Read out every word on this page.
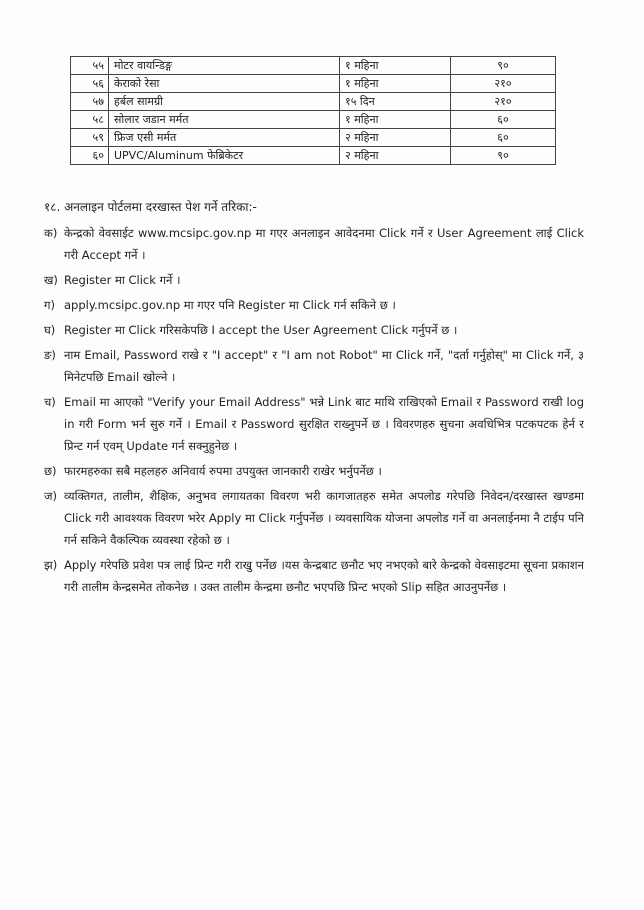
५५	मोटर वायन्डिङ्ग	१ महिना	९०
५६	केराको रेसा	१ महिना	२१०
५७	हर्बल सामग्री	१५ दिन	२१०
५८	सोलार जडान मर्मत	१ महिना	६०
५९	फ्रिज एसी मर्मत	२ महिना	६०
६०	UPVC/Aluminum फेब्रिकेटर	२ महिना	९०
१८. अनलाइन पोर्टलमा दरखास्त पेश गर्ने तरिका:-
क) केन्द्रको वेवसाईट www.mcsipc.gov.np मा गएर अनलाइन आवेदनमा Click गर्ने र User Agreement लाई Click गरी Accept गर्ने ।
ख) Register मा Click गर्ने ।
ग) apply.mcsipc.gov.np मा गएर पनि Register मा Click गर्न सकिने छ ।
घ) Register मा Click गरिसकेपछि I accept the User Agreement Click गर्नुपर्ने छ ।
ङ) नाम Email, Password राखे र "I accept" र "I am not Robot" मा Click गर्ने, "दर्ता गर्नुहोस्" मा Click गर्ने, ३ मिनेटपछि Email खोल्ने ।
च) Email मा आएको "Verify your Email Address" भन्ने Link बाट माथि राखिएको Email र Password राखी log in गरी Form भर्न सुरु गर्ने । Email र Password सुरक्षित राख्नुपर्ने छ । विवरणहरु सुचना अवधिभित्र पटकपटक हेर्न र प्रिन्ट गर्न एवम् Update गर्न सक्नुहुनेछ ।
छ) फारमहरुका सबै महलहरु अनिवार्य रुपमा उपयुक्त जानकारी राखेर भर्नुपर्नेछ ।
ज) व्यक्तिगत, तालीम, शैक्षिक, अनुभव लगायतका विवरण भरी कागजातहरु समेत अपलोड गरेपछि निवेदन/दरखास्त खण्डमा Click गरी आवश्यक विवरण भरेर Apply मा Click गर्नुपर्नेछ । व्यवसायिक योजना अपलोड गर्ने वा अनलाईनमा नै टाईप पनि गर्न सकिने वैकल्पिक व्यवस्था रहेको छ ।
झ) Apply गरेपछि प्रवेश पत्र लाई प्रिन्ट गरी राखु पर्नेछ ।यस केन्द्रबाट छनौट भए नभएको बारे केन्द्रको वेवसाइटमा सूचना प्रकाशन गरी तालीम केन्द्रसमेत तोकनेछ । उक्त तालीम केन्द्रमा छनौट भएपछि प्रिन्ट भएको Slip सहित आउनुपर्नेछ ।
